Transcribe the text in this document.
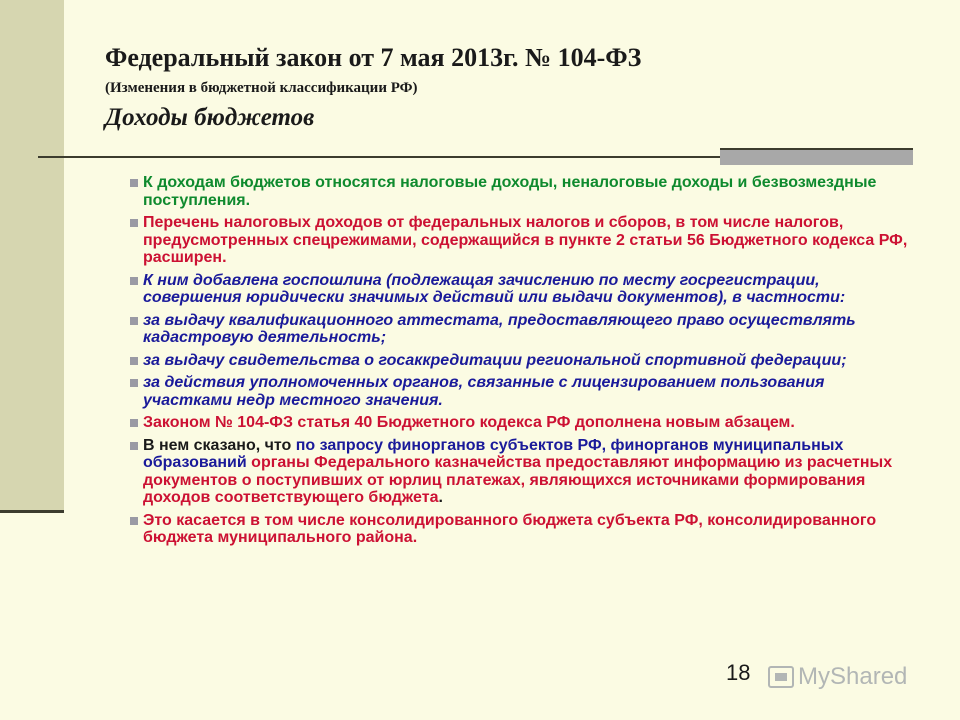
Федеральный закон от 7 мая 2013г. № 104-ФЗ
(Изменения в бюджетной классификации РФ)
Доходы бюджетов
К доходам бюджетов относятся налоговые доходы, неналоговые доходы и безвозмездные поступления.
Перечень налоговых доходов от федеральных налогов и сборов, в том числе налогов, предусмотренных спецрежимами, содержащийся в пункте 2 статьи 56 Бюджетного кодекса РФ, расширен.
К ним добавлена госпошлина (подлежащая зачислению по месту госрегистрации, совершения юридически значимых действий или выдачи документов), в частности:
за выдачу квалификационного аттестата, предоставляющего право осуществлять кадастровую деятельность;
за выдачу свидетельства о госаккредитации региональной спортивной федерации;
за действия уполномоченных органов, связанные с лицензированием пользования участками недр местного значения.
Законом № 104-ФЗ статья 40 Бюджетного кодекса РФ дополнена новым абзацем.
В нем сказано, что по запросу финорганов субъектов РФ, финорганов муниципальных образований органы Федерального казначейства предоставляют информацию из расчетных документов о поступивших от юрлиц платежах, являющихся источниками формирования доходов соответствующего бюджета.
Это касается в том числе консолидированного бюджета субъекта РФ, консолидированного бюджета муниципального района.
18 MyShared
